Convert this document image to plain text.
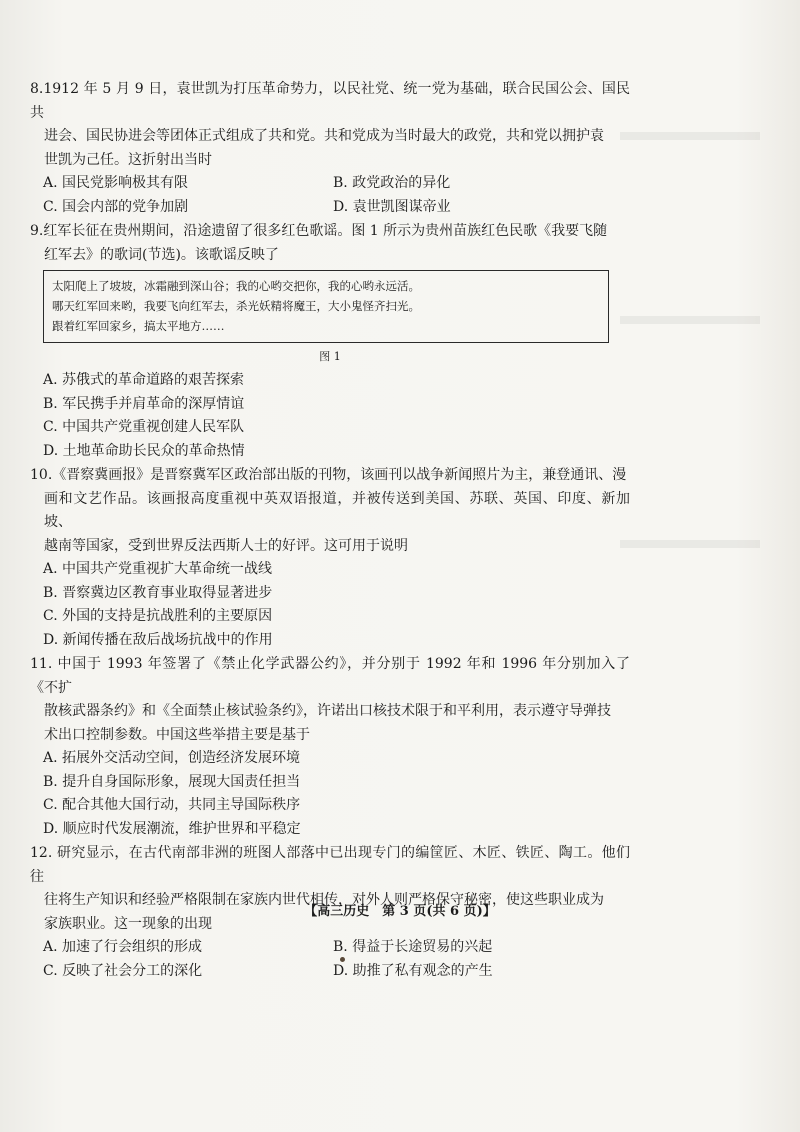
8.1912 年 5 月 9 日，袁世凯为打压革命势力，以民社党、统一党为基础，联合民国公会、国民共

进会、国民协进会等团体正式组成了共和党。共和党成为当时最大的政党，共和党以拥护袁

世凯为己任。这折射出当时

A. 国民党影响极其有限	B. 政党政治的异化
C. 国会内部的党争加剧	D. 袁世凯图谋帝业

9.红军长征在贵州期间，沿途遗留了很多红色歌谣。图 1 所示为贵州苗族红色民歌《我要飞随

红军去》的歌词(节选)。该歌谣反映了

太阳爬上了坡坡，冰霜融到深山谷；我的心哟交把你，我的心哟永远活。
哪天红军回来哟，我要飞向红军去，杀光妖精将魔王，大小鬼怪齐扫光。
跟着红军回家乡，搞太平地方……
图 1
A. 苏俄式的革命道路的艰苦探索
B. 军民携手并肩革命的深厚情谊
C. 中国共产党重视创建人民军队
D. 土地革命助长民众的革命热情

10.《晋察冀画报》是晋察冀军区政治部出版的刊物，该画刊以战争新闻照片为主，兼登通讯、漫

画和文艺作品。该画报高度重视中英双语报道，并被传送到美国、苏联、英国、印度、新加坡、

越南等国家，受到世界反法西斯人士的好评。这可用于说明

A. 中国共产党重视扩大革命统一战线
B. 晋察冀边区教育事业取得显著进步
C. 外国的支持是抗战胜利的主要原因
D. 新闻传播在敌后战场抗战中的作用

11. 中国于 1993 年签署了《禁止化学武器公约》，并分别于 1992 年和 1996 年分别加入了《不扩

散核武器条约》和《全面禁止核试验条约》，许诺出口核技术限于和平利用，表示遵守导弹技

术出口控制参数。中国这些举措主要是基于

A. 拓展外交活动空间，创造经济发展环境
B. 提升自身国际形象，展现大国责任担当
C. 配合其他大国行动，共同主导国际秩序
D. 顺应时代发展潮流，维护世界和平稳定

12. 研究显示，在古代南部非洲的班图人部落中已出现专门的编筐匠、木匠、铁匠、陶工。他们往

往将生产知识和经验严格限制在家族内世代相传，对外人则严格保守秘密，使这些职业成为

家族职业。这一现象的出现

A. 加速了行会组织的形成	B. 得益于长途贸易的兴起
C. 反映了社会分工的深化	D. 助推了私有观念的产生
【高三历史　第 3 页(共 6 页)】
